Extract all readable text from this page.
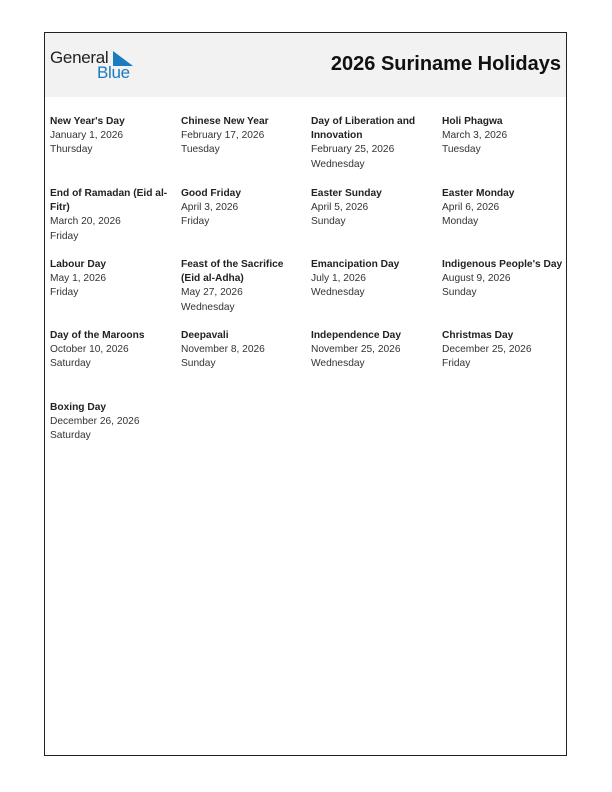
General
Blue	2026 Suriname Holidays
New Year's Day
January 1, 2026
Thursday
Chinese New Year
February 17, 2026
Tuesday
Day of Liberation and Innovation
February 25, 2026
Wednesday
Holi Phagwa
March 3, 2026
Tuesday
End of Ramadan (Eid al-Fitr)
March 20, 2026
Friday
Good Friday
April 3, 2026
Friday
Easter Sunday
April 5, 2026
Sunday
Easter Monday
April 6, 2026
Monday
Labour Day
May 1, 2026
Friday
Feast of the Sacrifice (Eid al-Adha)
May 27, 2026
Wednesday
Emancipation Day
July 1, 2026
Wednesday
Indigenous People's Day
August 9, 2026
Sunday
Day of the Maroons
October 10, 2026
Saturday
Deepavali
November 8, 2026
Sunday
Independence Day
November 25, 2026
Wednesday
Christmas Day
December 25, 2026
Friday
Boxing Day
December 26, 2026
Saturday
